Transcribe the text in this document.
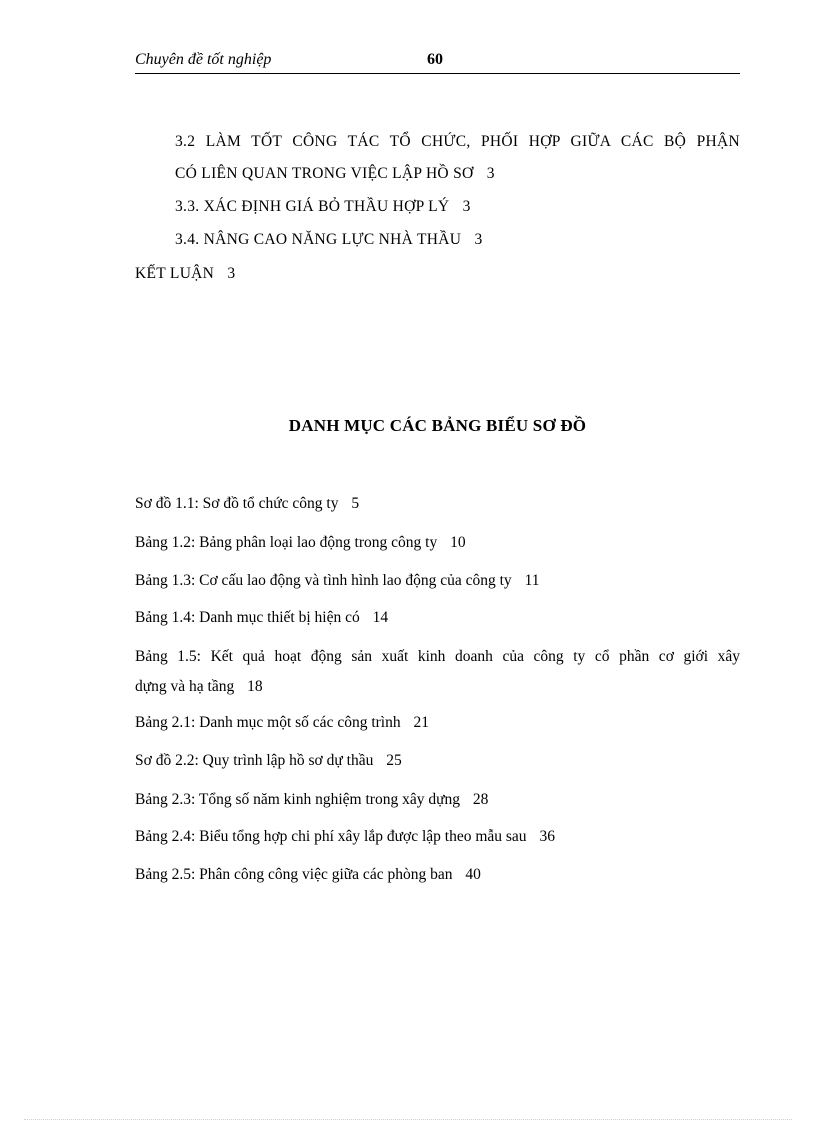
Chuyên đề tốt nghiệp	60
3.2 LÀM TỐT CÔNG TÁC TỔ CHỨC, PHỐI HỢP GIỮA CÁC BỘ PHẬN
CÓ LIÊN QUAN TRONG VIỆC LẬP HỒ SƠ 3
3.3. XÁC ĐỊNH GIÁ BỎ THẦU HỢP LÝ 3
3.4. NÂNG CAO NĂNG LỰC NHÀ THẦU 3
KẾT LUẬN 3
DANH MỤC CÁC BẢNG BIỂU SƠ ĐỒ
Sơ đồ 1.1: Sơ đồ tổ chức công ty 5
Bảng 1.2: Bảng phân loại lao động trong công ty 10
Bảng 1.3: Cơ cấu lao động và tình hình lao động của công ty 11
Bảng 1.4: Danh mục thiết bị hiện có 14
Bảng 1.5: Kết quả hoạt động sản xuất kinh doanh của công ty cổ phần cơ giới xây
dựng và hạ tầng 18
Bảng 2.1: Danh mục một số các công trình 21
Sơ đồ 2.2: Quy trình lập hồ sơ dự thầu 25
Bảng 2.3: Tổng số năm kinh nghiệm trong xây dựng 28
Bảng 2.4: Biểu tổng hợp chi phí xây lắp được lập theo mẫu sau 36
Bảng 2.5: Phân công công việc giữa các phòng ban 40
